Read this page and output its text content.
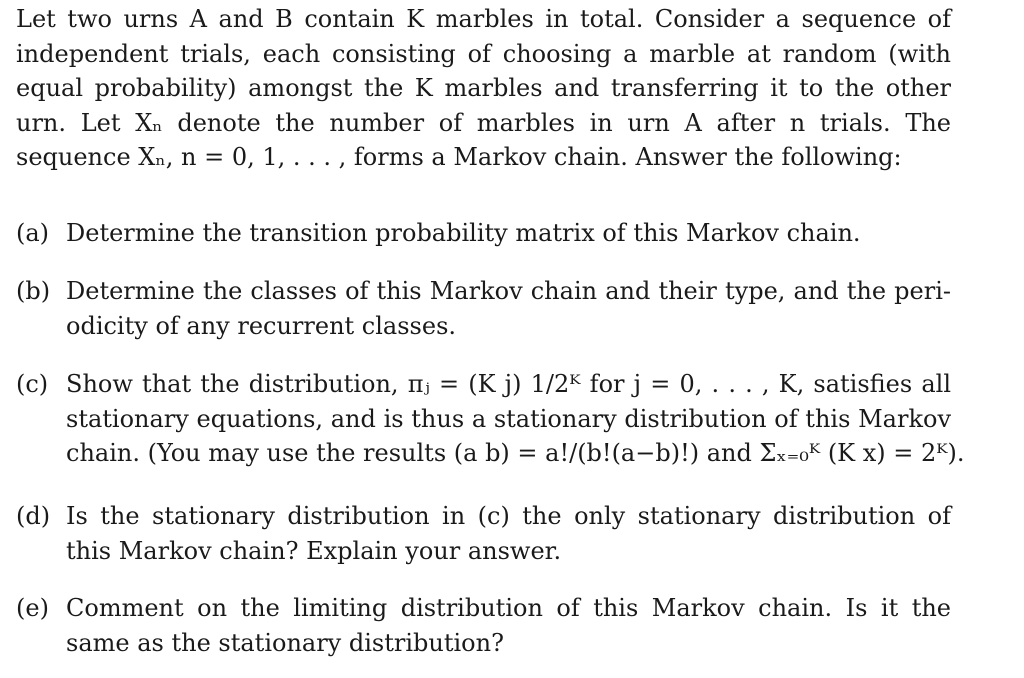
Let two urns A and B contain K marbles in total. Consider a sequence of
independent trials, each consisting of choosing a marble at random (with
equal probability) amongst the K marbles and transferring it to the other
urn. Let Xₙ denote the number of marbles in urn A after n trials. The
sequence Xₙ, n = 0, 1, . . . , forms a Markov chain. Answer the following:
(a) Determine the transition probability matrix of this Markov chain.
(b) Determine the classes of this Markov chain and their type, and the peri-
odicity of any recurrent classes.
(c) Show that the distribution, πⱼ = (K j) 1/2ᴷ for j = 0, . . . , K, satisfies all
stationary equations, and is thus a stationary distribution of this Markov
chain. (You may use the results (a b) = a!/(b!(a−b)!) and Σₓ₌₀ᴷ (K x) = 2ᴷ).
(d) Is the stationary distribution in (c) the only stationary distribution of
this Markov chain? Explain your answer.
(e) Comment on the limiting distribution of this Markov chain. Is it the
same as the stationary distribution?
